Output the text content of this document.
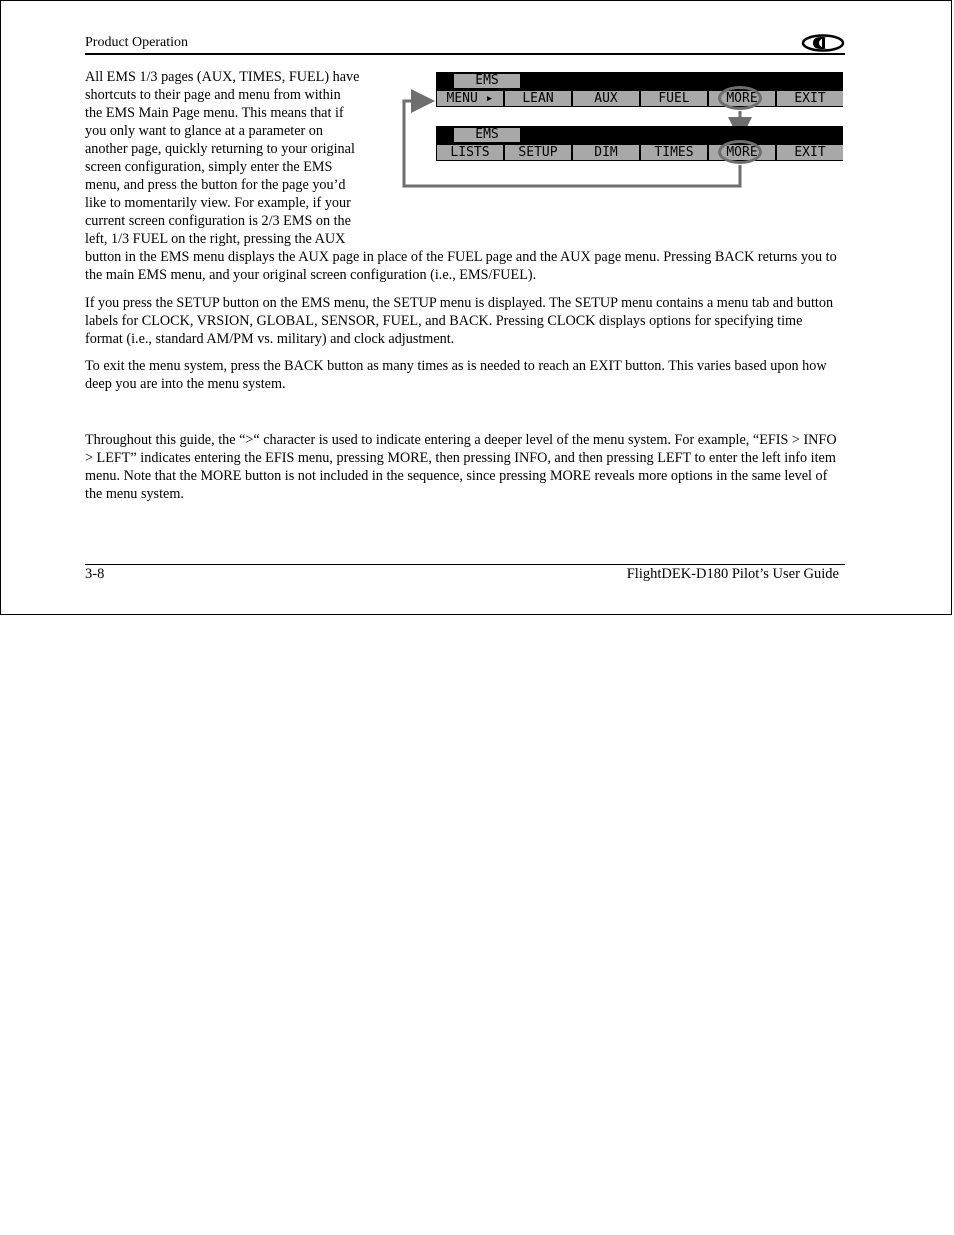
Product Operation
All EMS 1/3 pages (AUX, TIMES, FUEL) have
shortcuts to their page and menu from within
the EMS Main Page menu. This means that if
you only want to glance at a parameter on
another page, quickly returning to your original
screen configuration, simply enter the EMS
menu, and press the button for the page you’d
like to momentarily view. For example, if your
current screen configuration is 2/3 EMS on the
left, 1/3 FUEL on the right, pressing the AUX

button in the EMS menu displays the AUX page in place of the FUEL page and the AUX page menu. Pressing BACK returns you to the main EMS menu, and your original screen configuration (i.e., EMS/FUEL).

EMS
MENU ▸	LEAN	AUX	FUEL	MORE	EXIT
EMS
LISTS	SETUP	DIM	TIMES	MORE	EXIT

If you press the SETUP button on the EMS menu, the SETUP menu is displayed. The SETUP menu contains a menu tab and button labels for CLOCK, VRSION, GLOBAL, SENSOR, FUEL, and BACK. Pressing CLOCK displays options for specifying time format (i.e., standard AM/PM vs. military) and clock adjustment.

To exit the menu system, press the BACK button as many times as is needed to reach an EXIT button. This varies based upon how deep you are into the menu system.

Throughout this guide, the “>“ character is used to indicate entering a deeper level of the menu system. For example, “EFIS > INFO > LEFT” indicates entering the EFIS menu, pressing MORE, then pressing INFO, and then pressing LEFT to enter the left info item menu. Note that the MORE button is not included in the sequence, since pressing MORE reveals more options in the same level of the menu system.

3-8	FlightDEK-D180 Pilot’s User Guide
